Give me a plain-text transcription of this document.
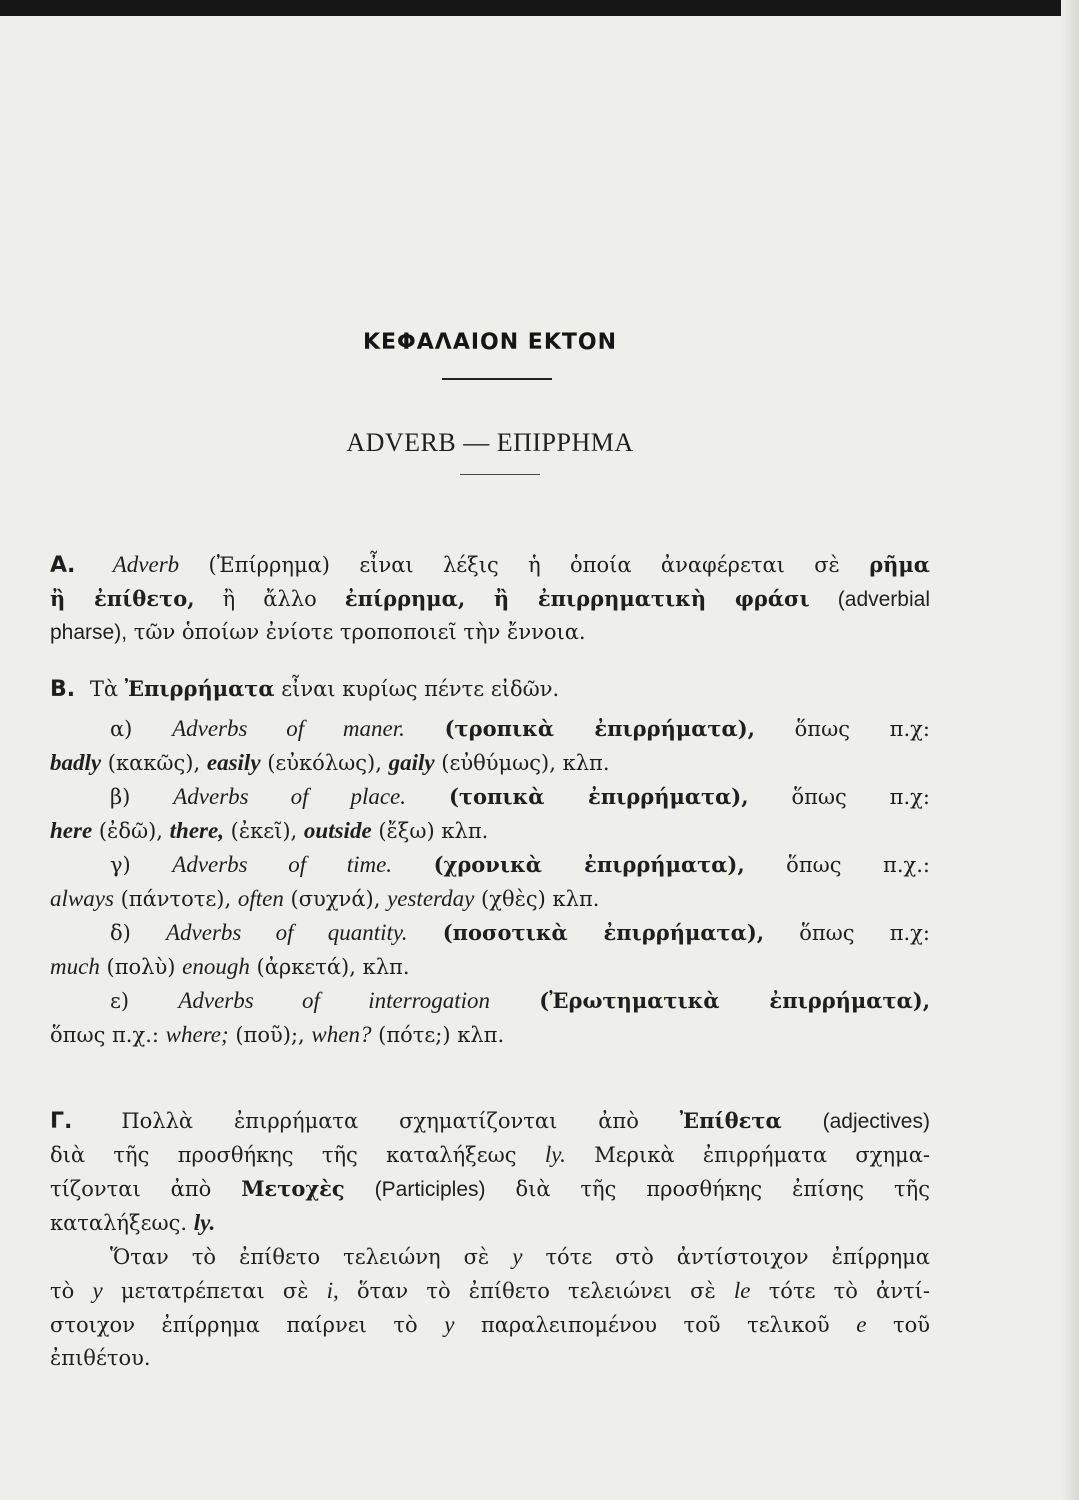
ΚΕΦΑΛΑΙΟΝ ΕΚΤΟΝ
ADVERB — ΕΠΙΡΡΗΜΑ
Α. Adverb (Ἐπίρρημα) εἶναι λέξις ἡ ὁποία ἀναφέρεται σὲ ρῆμα
ἢ ἐπίθετο, ἢ ἄλλο ἐπίρρημα, ἢ ἐπιρρηματικὴ φράσι (adverbial
pharse), τῶν ὁποίων ἐνίοτε τροποποιεῖ τὴν ἔννοια.
Β. Τὰ Ἐπιρρήματα εἶναι κυρίως πέντε εἰδῶν.
α) Adverbs of maner. (τροπικὰ ἐπιρρήματα), ὅπως π.χ:
badly (κακῶς), easily (εὐκόλως), gaily (εὐθύμως), κλπ.
β) Adverbs of place. (τοπικὰ ἐπιρρήματα), ὅπως π.χ:
here (ἐδῶ), there, (ἐκεῖ), outside (ἔξω) κλπ.
γ) Adverbs of time. (χρονικὰ ἐπιρρήματα), ὅπως π.χ.:
always (πάντοτε), often (συχνά), yesterday (χθὲς) κλπ.
δ) Adverbs of quantity. (ποσοτικὰ ἐπιρρήματα), ὅπως π.χ:
much (πολὺ) enough (ἀρκετά), κλπ.
ε) Adverbs of interrogation (Ἐρωτηματικὰ ἐπιρρήματα),
ὅπως π.χ.: where; (ποῦ);, when? (πότε;) κλπ.
Γ. Πολλὰ ἐπιρρήματα σχηματίζονται ἀπὸ Ἐπίθετα (adjectives)
διὰ τῆς προσθήκης τῆς καταλήξεως ly. Μερικὰ ἐπιρρήματα σχημα-
τίζονται ἀπὸ Μετοχὲς (Participles) διὰ τῆς προσθήκης ἐπίσης τῆς
καταλήξεως. ly.
Ὅταν τὸ ἐπίθετο τελειώνη σὲ y τότε στὸ ἀντίστοιχον ἐπίρρημα
τὸ y μετατρέπεται σὲ i, ὅταν τὸ ἐπίθετο τελειώνει σὲ le τότε τὸ ἀντί-
στοιχον ἐπίρρημα παίρνει τὸ y παραλειπομένου τοῦ τελικοῦ e τοῦ
ἐπιθέτου.
